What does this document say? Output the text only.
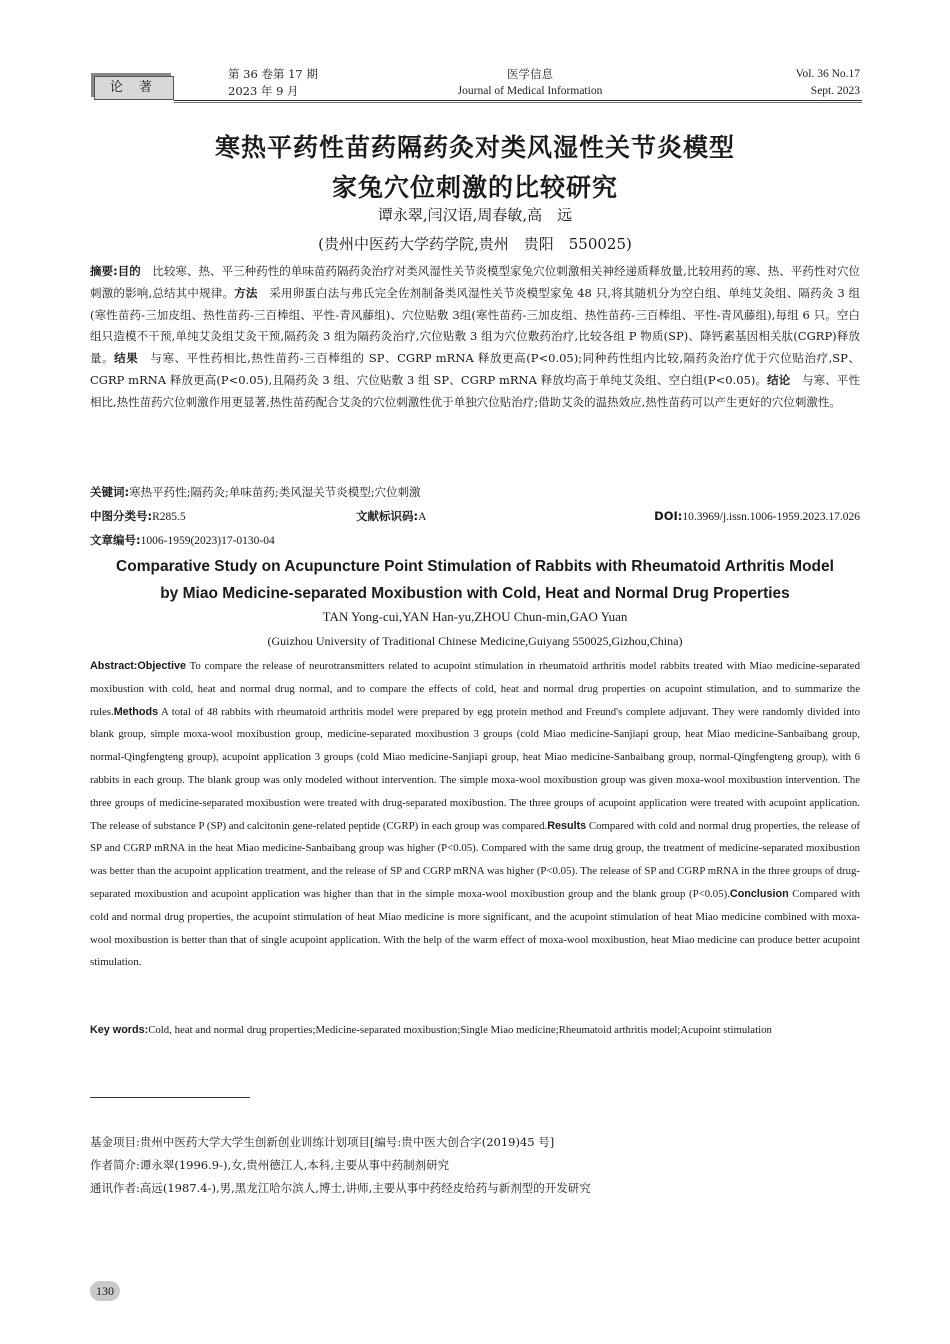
论 著
第 36 卷第 17 期
2023 年 9 月
医学信息
Journal of Medical Information
Vol. 36 No.17
Sept. 2023
寒热平药性苗药隔药灸对类风湿性关节炎模型
家兔穴位刺激的比较研究
谭永翠,闫汉语,周春敏,高　远
(贵州中医药大学药学院,贵州　贵阳　550025)
摘要:目的　比较寒、热、平三种药性的单味苗药隔药灸治疗对类风湿性关节炎模型家兔穴位刺激相关神经递质释放量,比较用药的寒、热、平药性对穴位刺激的影响,总结其中规律。方法　采用卵蛋白法与弗氏完全佐剂制备类风湿性关节炎模型家兔 48 只,将其随机分为空白组、单纯艾灸组、隔药灸 3 组(寒性苗药-三加皮组、热性苗药-三百棒组、平性-青风藤组)、穴位贴敷 3组(寒性苗药-三加皮组、热性苗药-三百棒组、平性-青风藤组),每组 6 只。空白组只造模不干预,单纯艾灸组艾灸干预,隔药灸 3 组为隔药灸治疗,穴位贴敷 3 组为穴位敷药治疗,比较各组 P 物质(SP)、降钙素基因相关肽(CGRP)释放量。结果　与寒、平性药相比,热性苗药-三百棒组的 SP、CGRP mRNA 释放更高(P<0.05);同种药性组内比较,隔药灸治疗优于穴位贴治疗,SP、CGRP mRNA 释放更高(P<0.05),且隔药灸 3 组、穴位贴敷 3 组 SP、CGRP mRNA 释放均高于单纯艾灸组、空白组(P<0.05)。结论　与寒、平性相比,热性苗药穴位刺激作用更显著,热性苗药配合艾灸的穴位刺激性优于单独穴位贴治疗;借助艾灸的温热效应,热性苗药可以产生更好的穴位刺激性。
关键词:寒热平药性;隔药灸;单味苗药;类风湿关节炎模型;穴位刺激
中图分类号:R285.5	文献标识码:A	DOI:10.3969/j.issn.1006-1959.2023.17.026
文章编号:1006-1959(2023)17-0130-04
Comparative Study on Acupuncture Point Stimulation of Rabbits with Rheumatoid Arthritis Model
by Miao Medicine-separated Moxibustion with Cold, Heat and Normal Drug Properties
TAN Yong-cui,YAN Han-yu,ZHOU Chun-min,GAO Yuan
(Guizhou University of Traditional Chinese Medicine,Guiyang 550025,Gizhou,China)
Abstract:Objective To compare the release of neurotransmitters related to acupoint stimulation in rheumatoid arthritis model rabbits treated with Miao medicine-separated moxibustion with cold, heat and normal drug normal, and to compare the effects of cold, heat and normal drug properties on acupoint stimulation, and to summarize the rules.Methods A total of 48 rabbits with rheumatoid arthritis model were prepared by egg protein method and Freund's complete adjuvant. They were randomly divided into blank group, simple moxa-wool moxibustion group, medicine-separated moxibustion 3 groups (cold Miao medicine-Sanjiapi group, heat Miao medicine-Sanbaibang group, normal-Qingfengteng group), acupoint application 3 groups (cold Miao medicine-Sanjiapi group, heat Miao medicine-Sanbaibang group, normal-Qingfengteng group), with 6 rabbits in each group. The blank group was only modeled without intervention. The simple moxa-wool moxibustion group was given moxa-wool moxibustion intervention. The three groups of medicine-separated moxibustion were treated with drug-separated moxibustion. The three groups of acupoint application were treated with acupoint application. The release of substance P (SP) and calcitonin gene-related peptide (CGRP) in each group was compared.Results Compared with cold and normal drug properties, the release of SP and CGRP mRNA in the heat Miao medicine-Sanbaibang group was higher (P<0.05). Compared with the same drug group, the treatment of medicine-separated moxibustion was better than the acupoint application treatment, and the release of SP and CGRP mRNA was higher (P<0.05). The release of SP and CGRP mRNA in the three groups of drug-separated moxibustion and acupoint application was higher than that in the simple moxa-wool moxibustion group and the blank group (P<0.05).Conclusion Compared with cold and normal drug properties, the acupoint stimulation of heat Miao medicine is more significant, and the acupoint stimulation of heat Miao medicine combined with moxa-wool moxibustion is better than that of single acupoint application. With the help of the warm effect of moxa-wool moxibustion, heat Miao medicine can produce better acupoint stimulation.
Key words:Cold, heat and normal drug properties;Medicine-separated moxibustion;Single Miao medicine;Rheumatoid arthritis model;Acupoint stimulation
基金项目:贵州中医药大学大学生创新创业训练计划项目[编号:贵中医大创合字(2019)45 号]
作者简介:谭永翠(1996.9-),女,贵州德江人,本科,主要从事中药制剂研究
通讯作者:高远(1987.4-),男,黑龙江哈尔滨人,博士,讲师,主要从事中药经皮给药与新剂型的开发研究
130
